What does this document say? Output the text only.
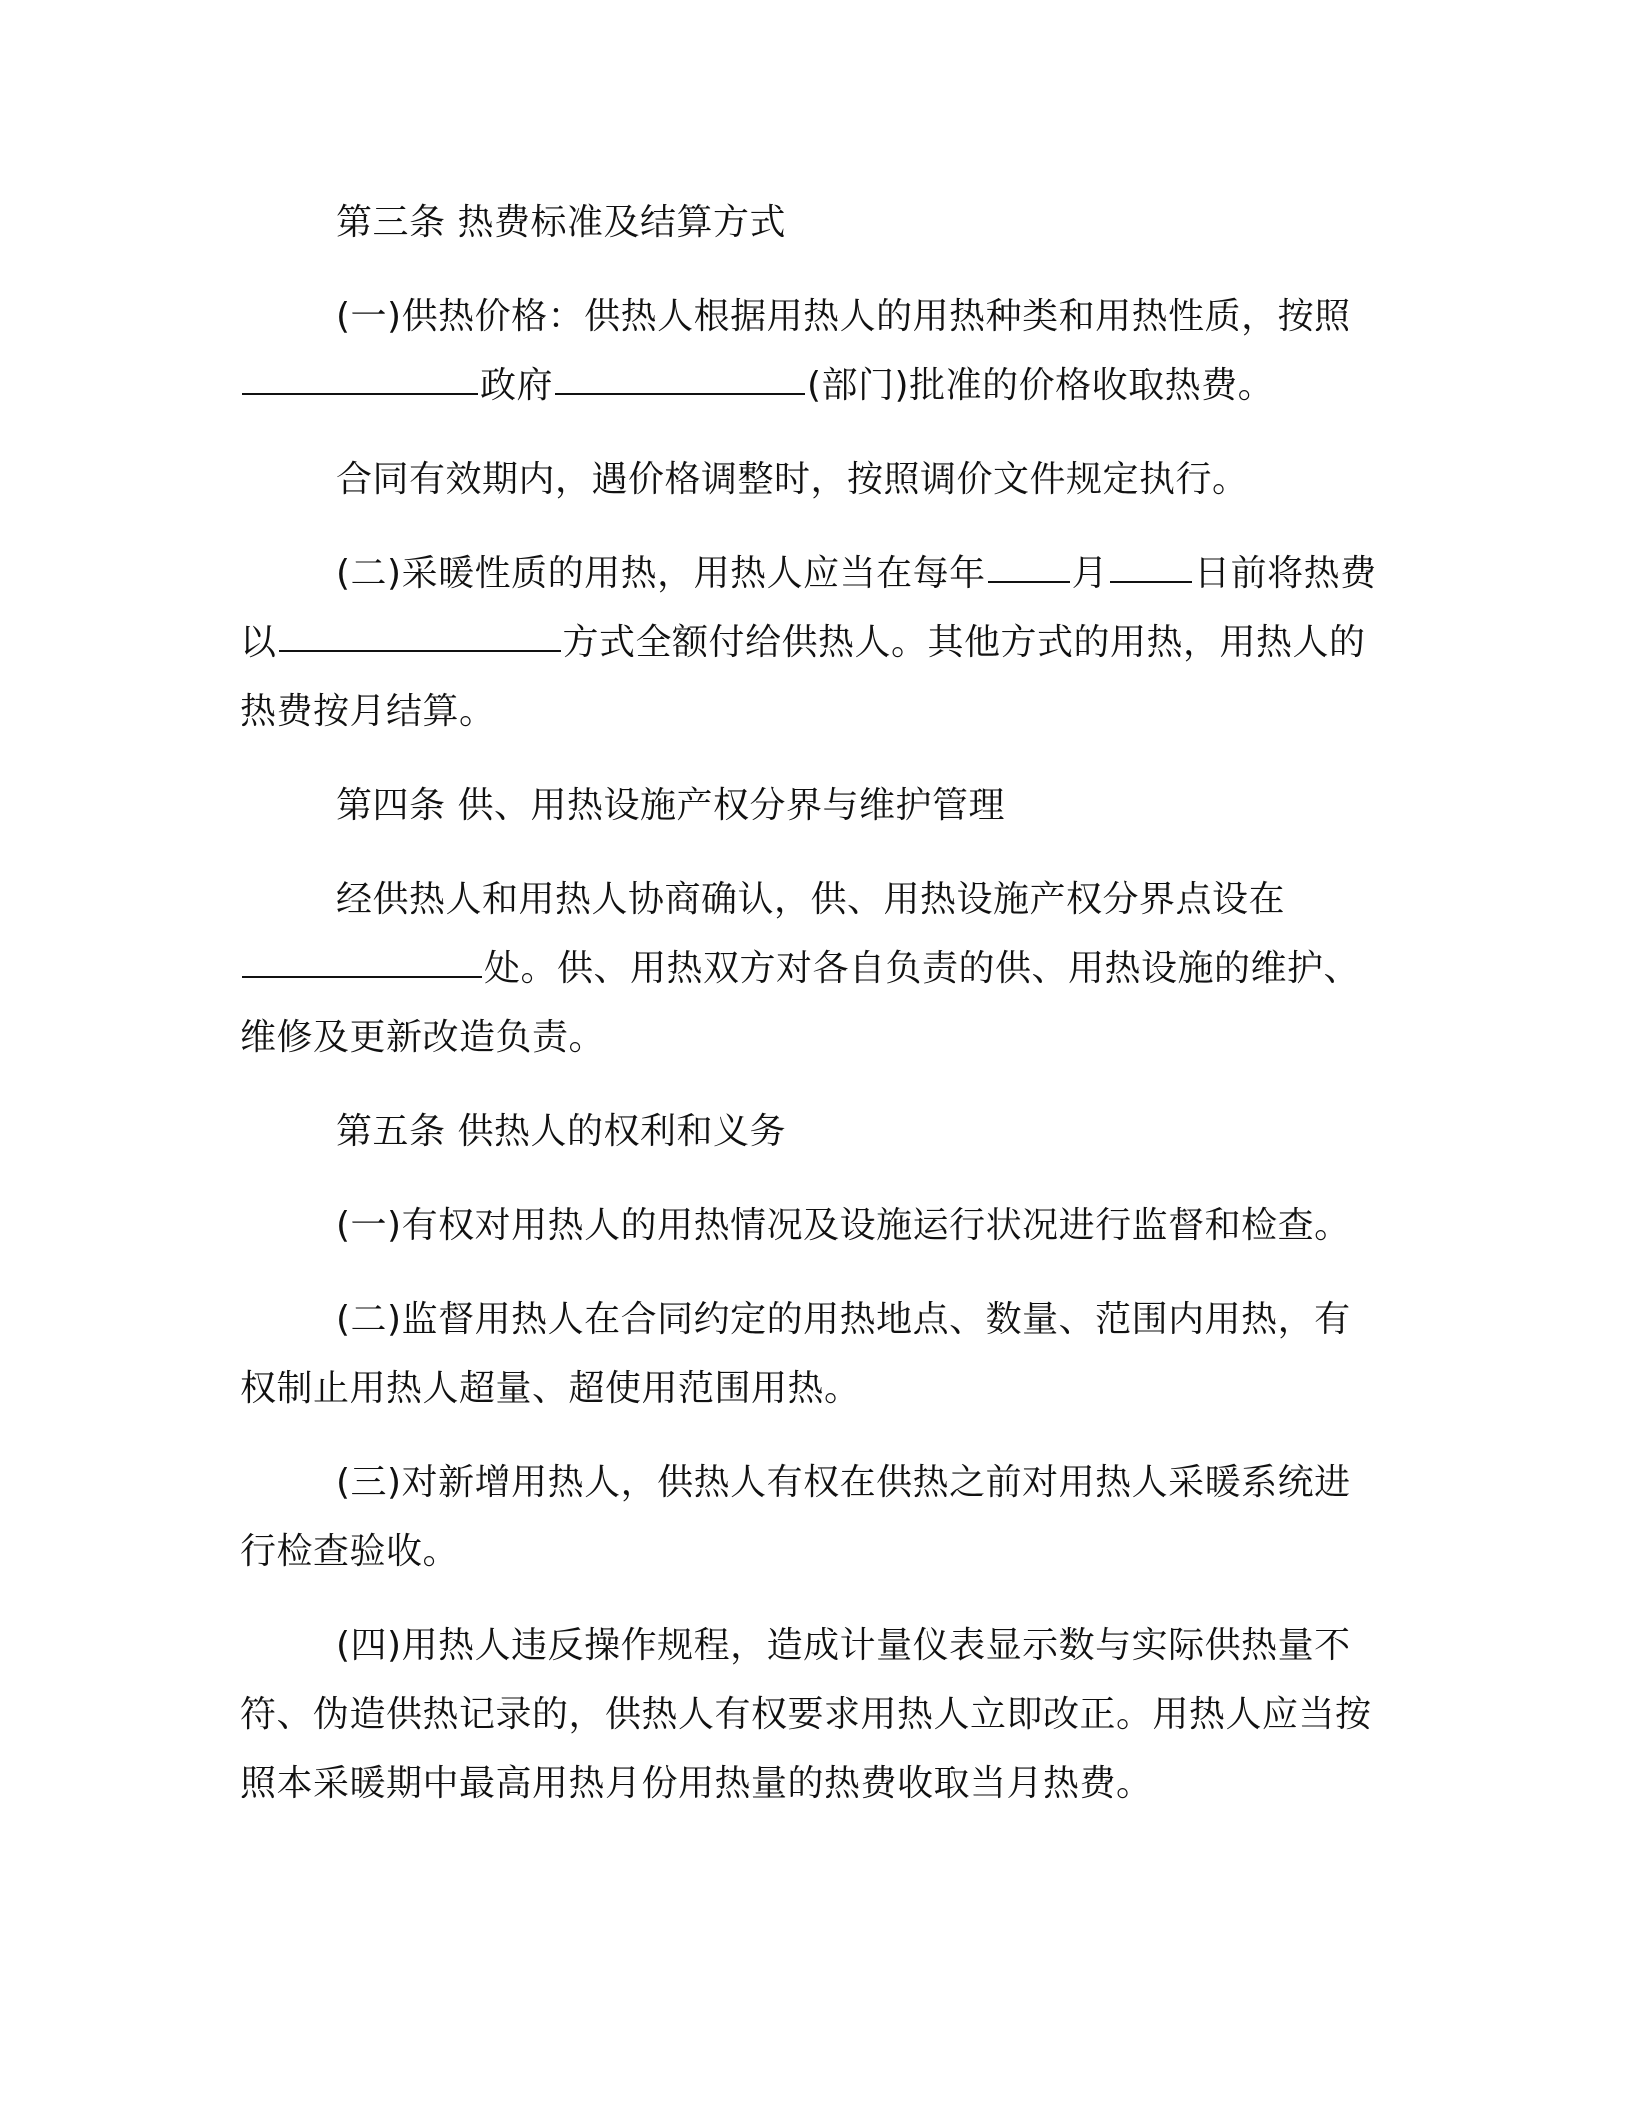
第三条 热费标准及结算方式

(一)供热价格：供热人根据用热人的用热种类和用热性质，按照政府	(部门)批准的价格收取热费。

合同有效期内，遇价格调整时，按照调价文件规定执行。

(二)采暖性质的用热，用热人应当在每年 月 日前将热费以	方式全额付给供热人。其他方式的用热，用热人的热费按月结算。

第四条 供、用热设施产权分界与维护管理

经供热人和用热人协商确认，供、用热设施产权分界点设在处。供、用热双方对各自负责的供、用热设施的维护、维修及更新改造负责。

第五条 供热人的权利和义务

(一)有权对用热人的用热情况及设施运行状况进行监督和检查。

(二)监督用热人在合同约定的用热地点、数量、范围内用热，有权制止用热人超量、超使用范围用热。

(三)对新增用热人，供热人有权在供热之前对用热人采暖系统进行检查验收。

(四)用热人违反操作规程，造成计量仪表显示数与实际供热量不符、伪造供热记录的，供热人有权要求用热人立即改正。用热人应当按照本采暖期中最高用热月份用热量的热费收取当月热费。
